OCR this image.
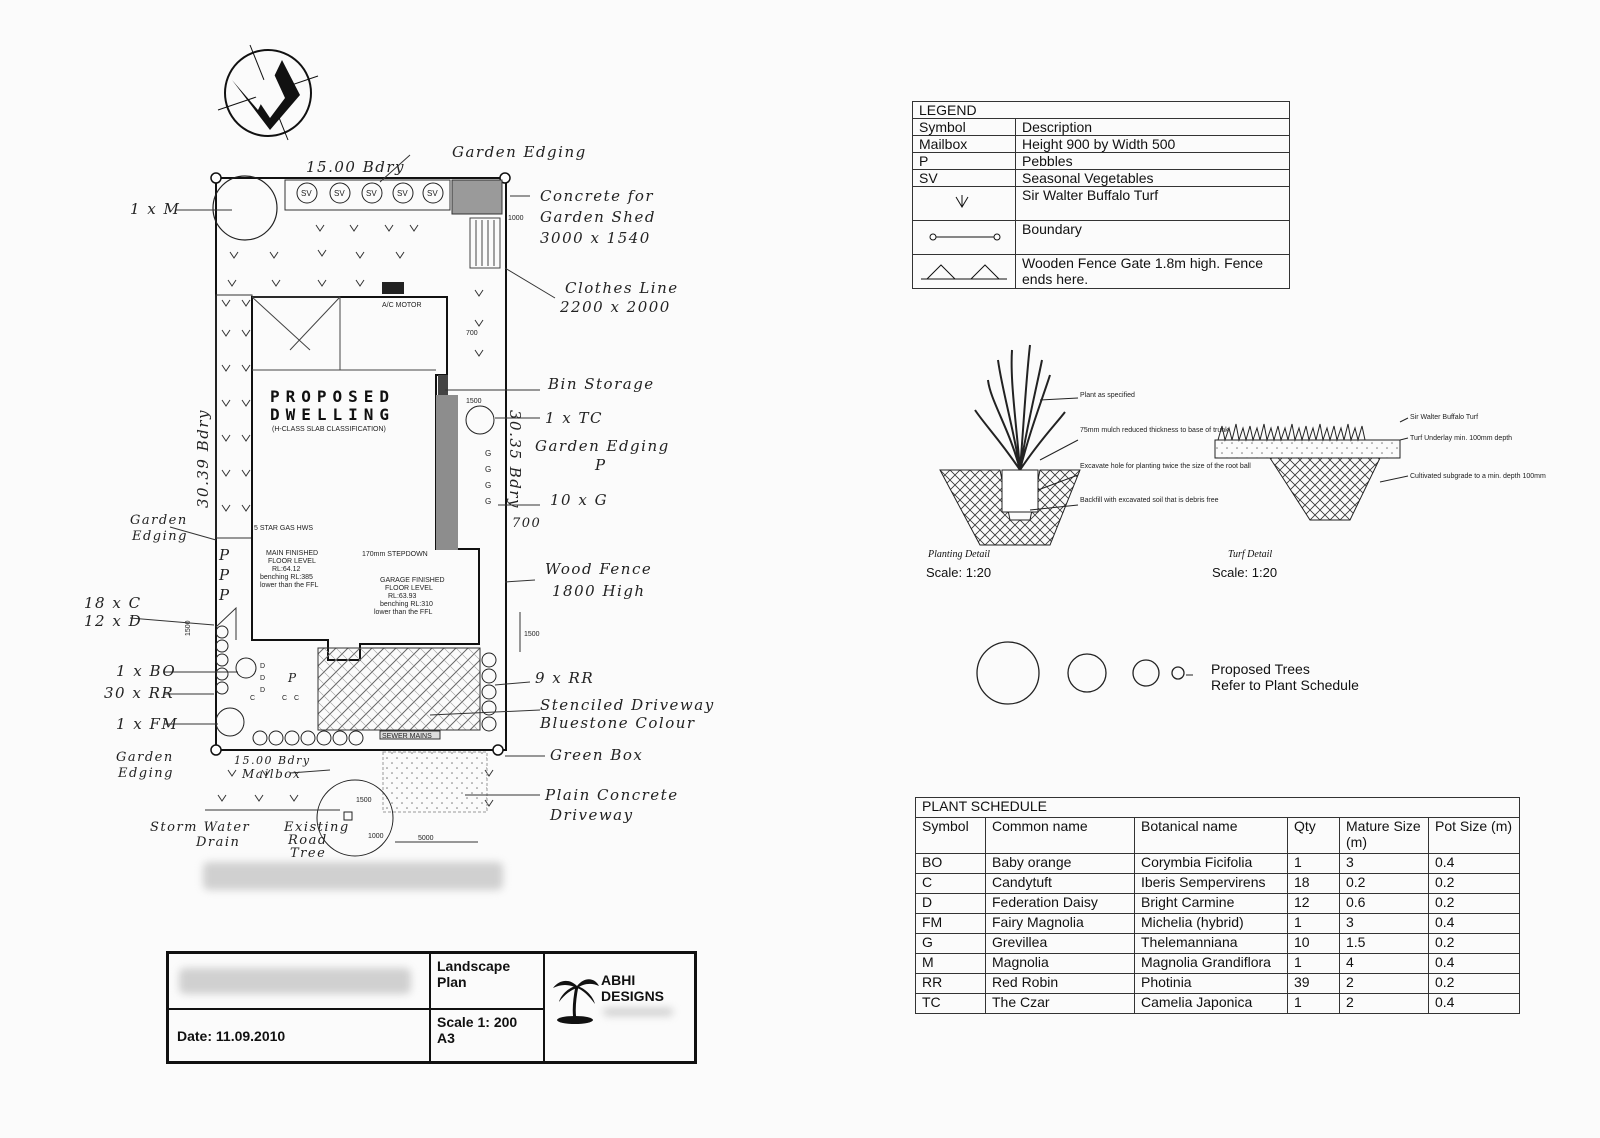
15.00 Bdry
30.39 Bdry	30.35 Bdry
15.00 Bdry
SV	SV	SV	SV SV
1000
A/C MOTOR
PROPOSED
DWELLING
(H-CLASS SLAB CLASSIFICATION)
5 STAR GAS HWS
MAIN FINISHED
FLOOR LEVEL
RL:64.12
benching RL:385
lower than the FFL
170mm STEPDOWN
GARAGE FINISHED
FLOOR LEVEL
RL:63.93
benching RL:310
lower than the FFL
1500
700
G
G
G
G
SEWER MAINS
P
P
P
D
D
D
C	C C
P
1500
1000	5000
1500
1500
700
Garden Edging
Concrete for
Garden Shed
3000 x 1540
Clothes Line
2200 x 2000
Bin Storage
1 x TC
Garden Edging
P
10 x G
Wood Fence
1800 High
9 x RR
Stenciled Driveway
Bluestone Colour
Green Box
Plain Concrete
Driveway
1 x M
Garden
Edging
18 x C
12 x D
1 x BO
30 x RR
1 x FM
Garden
Edging	Mailbox
Storm Water
Drain
Existing
Road
Tree
LEGEND	
Symbol	Description
Mailbox	Height 900 by Width 500
P	Pebbles
SV	Seasonal Vegetables
	Sir Walter Buffalo Turf
	Boundary
	Wooden Fence Gate 1.8m high. Fence ends here.
Plant as specified
75mm mulch reduced thickness to base of trunk
Excavate hole for planting twice the size of the root ball
Backfill with excavated soil that is debris free
Planting Detail
Scale: 1:20
Sir Walter Buffalo Turf
Turf Underlay min. 100mm depth
Cultivated subgrade to a min. depth 100mm
Turf Detail
Scale: 1:20
Proposed Trees
Refer to Plant Schedule
PLANT SCHEDULE					
Symbol	Common name	Botanical name	Qty	Mature Size (m)	Pot Size (m)
BO	Baby orange	Corymbia Ficifolia	1	3	0.4
C	Candytuft	Iberis Sempervirens	18	0.2	0.2
D	Federation Daisy	Bright Carmine	12	0.6	0.2
FM	Fairy Magnolia	Michelia (hybrid)	1	3	0.4
G	Grevillea	Thelemanniana	10	1.5	0.2
M	Magnolia	Magnolia Grandiflora	1	4	0.4
RR	Red Robin	Photinia	39	2	0.2
TC	The Czar	Camelia Japonica	1	2	0.4
Landscape Plan
Date: 11.09.2010
Scale 1: 200
A3
ABHI
DESIGNS
